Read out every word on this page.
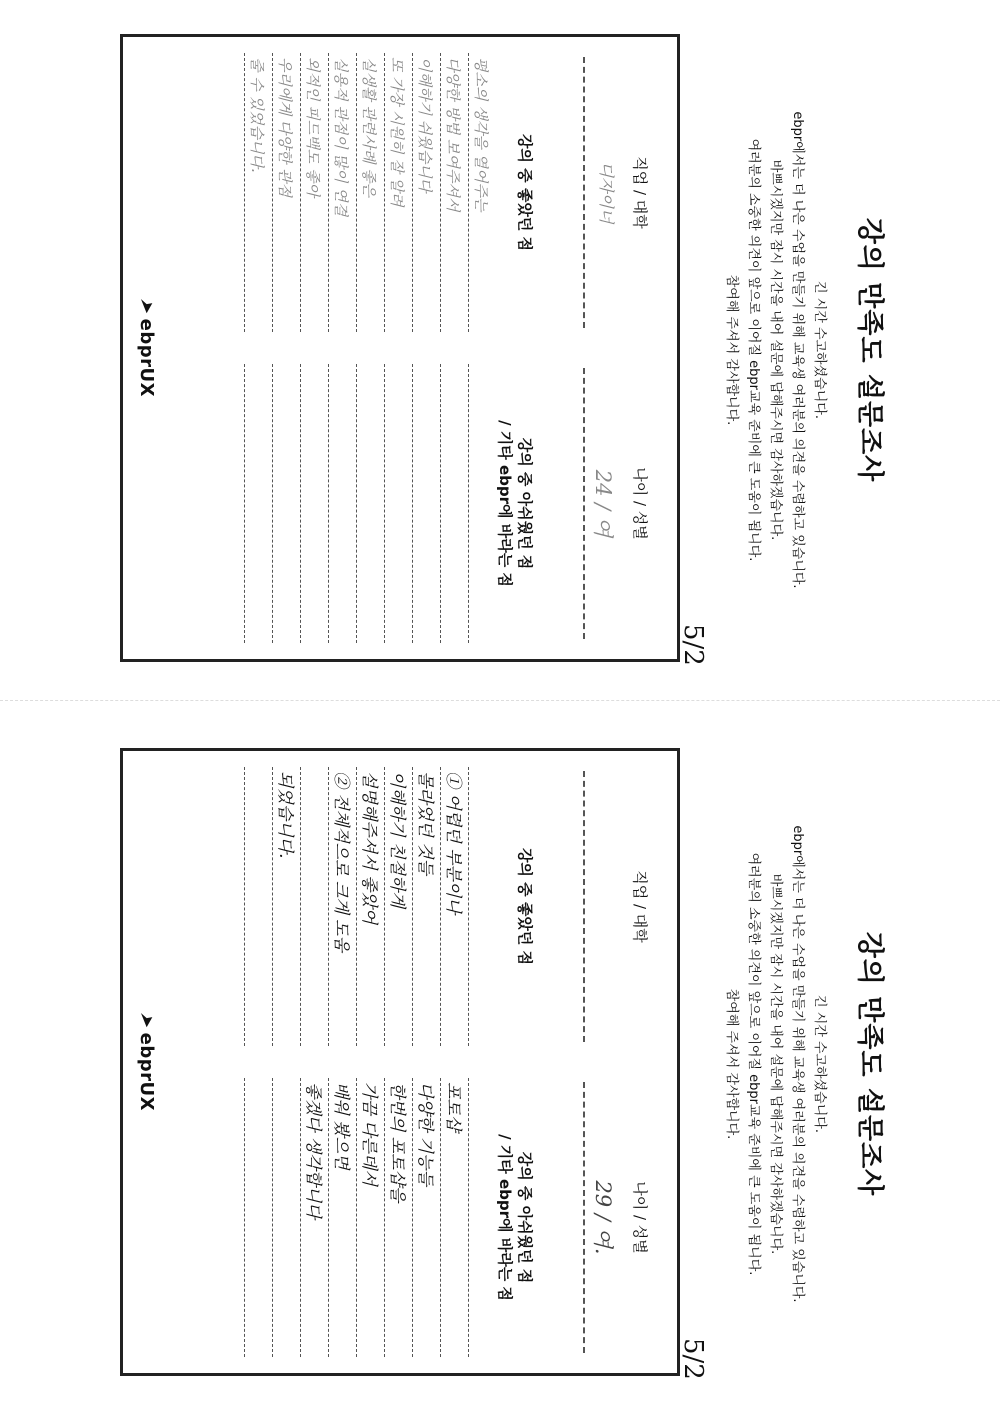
강의 만족도 설문조사
긴 시간 수고하셨습니다.
ebpr에서는 더 나은 수업을 만들기 위해 교육생 여러분의 의견을 수렴하고 있습니다.
바쁘시겠지만 잠시 시간을 내어 설문에 답해주시면 감사하겠습니다.
여러분의 소중한 의견이 앞으로 이어질 ebpr교육 준비에 큰 도움이 됩니다.
참여해 주셔서 감사합니다.
5/2
직업 / 대학
디자이너
나이 / 성별
24 / 여
강의 중 좋았던 점
평소의 생각을 열어주는
다양한 방법 보여주셔서
이해하기 쉬웠습니다
또 가장 시원히 잘 알려
실생활 관련사례 좋은
실용적 관점이 많이 연결
외적인 피드백도 좋아
우리에게 다양한 관점
줄 수 있었습니다.
강의 중 아쉬웠던 점
/ 기타 ebpr에 바라는 점
➤ebprUX
강의 만족도 설문조사
긴 시간 수고하셨습니다.
ebpr에서는 더 나은 수업을 만들기 위해 교육생 여러분의 의견을 수렴하고 있습니다.
바쁘시겠지만 잠시 시간을 내어 설문에 답해주시면 감사하겠습니다.
여러분의 소중한 의견이 앞으로 이어질 ebpr교육 준비에 큰 도움이 됩니다.
참여해 주셔서 감사합니다.
5/2
직업 / 대학
나이 / 성별
29 / 여.
강의 중 좋았던 점
① 어렵던 부분이나
몰라었던 것들
이해하기 친절하게
설명해주셔서 좋았어
② 전체적으로 크게 도움
되었습니다.
강의 중 아쉬웠던 점
/ 기타 ebpr에 바라는 점
포토샵
다양한 기능들
한번의 포토샵을
가끔 다른데서
배워 봤으면
좋겠다 생각합니다
➤ebprUX
